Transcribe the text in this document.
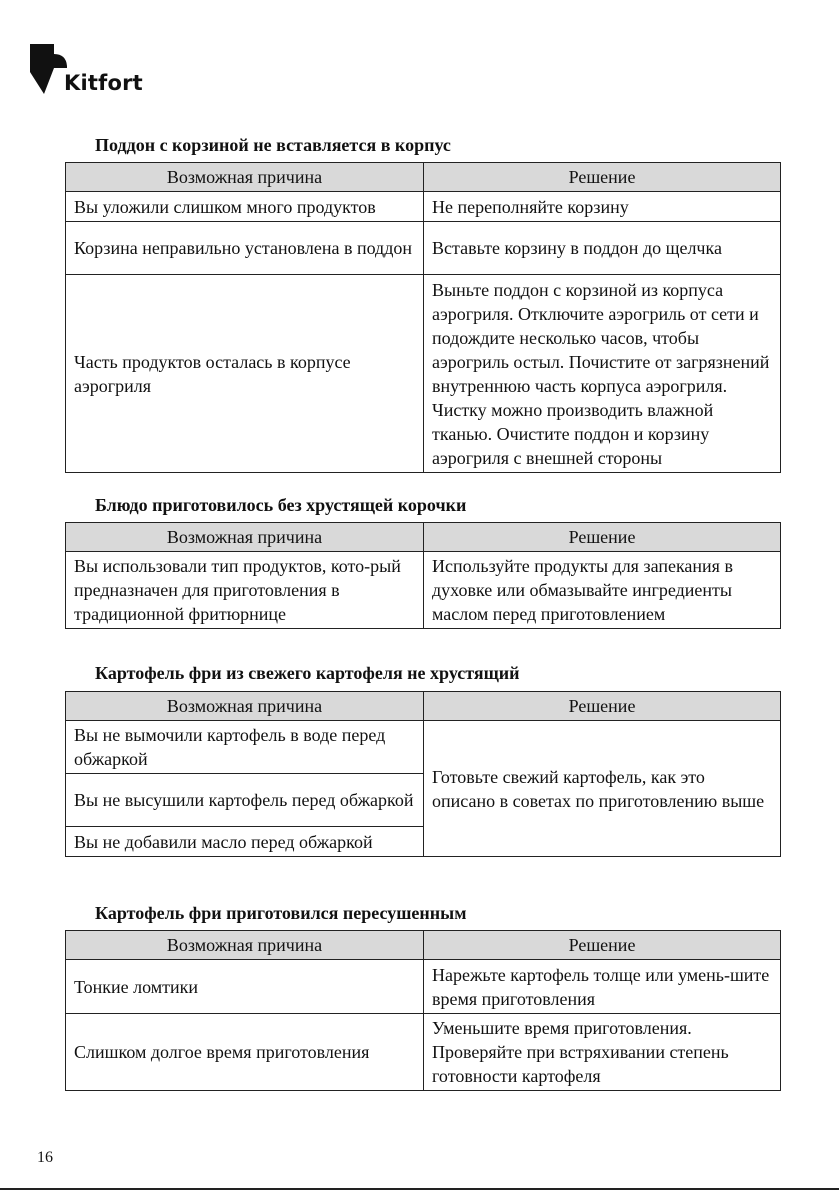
Kitfort
Поддон с корзиной не вставляется в корпус
Возможная причина	Решение
Вы уложили слишком много продуктов	Не переполняйте корзину
Корзина неправильно установлена в поддон	Вставьте корзину в поддон до щелчка
Часть продуктов осталась в корпусе аэрогриля	Выньте поддон с корзиной из корпуса аэрогриля. Отключите аэрогриль от сети и подождите несколько часов, чтобы аэрогриль остыл. Почистите от загрязнений внутреннюю часть корпуса аэрогриля. Чистку можно производить влажной тканью. Очистите поддон и корзину аэрогриля с внешней стороны
Блюдо приготовилось без хрустящей корочки
Возможная причина	Решение
Вы использовали тип продуктов, кото-рый предназначен для приготовления в традиционной фритюрнице	Используйте продукты для запекания в духовке или обмазывайте ингредиенты маслом перед приготовлением
Картофель фри из свежего картофеля не хрустящий
Возможная причина	Решение
Вы не вымочили картофель в воде перед обжаркой	Готовьте свежий картофель, как это описано в советах по приготовлению выше
Вы не высушили картофель перед обжаркой	
Вы не добавили масло перед обжаркой	
Картофель фри приготовился пересушенным
Возможная причина	Решение
Тонкие ломтики	Нарежьте картофель толще или умень-шите время приготовления
Слишком долгое время приготовления	Уменьшите время приготовления. Проверяйте при встряхивании степень готовности картофеля
16
